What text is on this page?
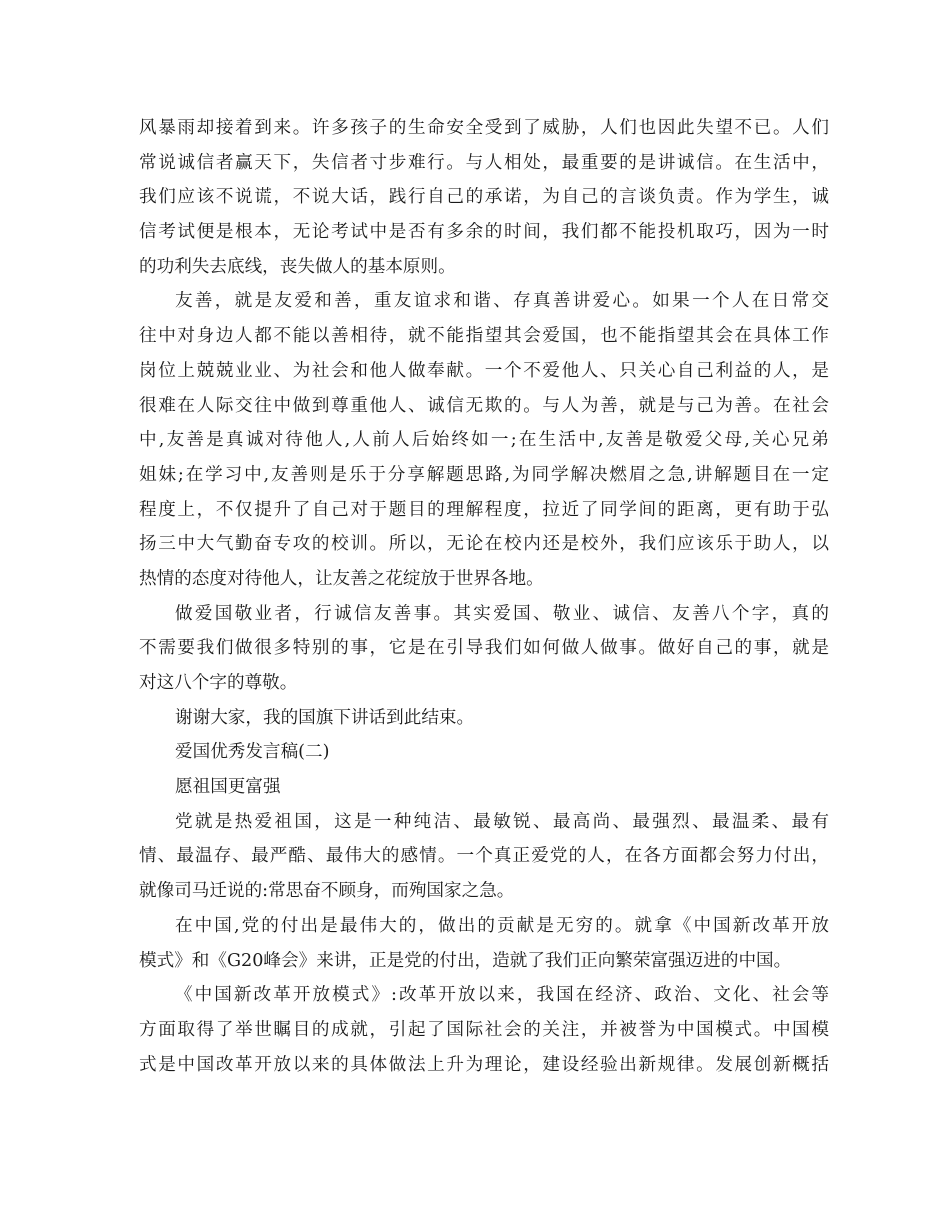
风暴雨却接着到来。许多孩子的生命安全受到了威胁，人们也因此失望不已。人们
常说诚信者赢天下，失信者寸步难行。与人相处，最重要的是讲诚信。在生活中，
我们应该不说谎，不说大话，践行自己的承诺，为自己的言谈负责。作为学生，诚
信考试便是根本，无论考试中是否有多余的时间，我们都不能投机取巧，因为一时
的功利失去底线，丧失做人的基本原则。
友善，就是友爱和善，重友谊求和谐、存真善讲爱心。如果一个人在日常交
往中对身边人都不能以善相待，就不能指望其会爱国，也不能指望其会在具体工作
岗位上兢兢业业、为社会和他人做奉献。一个不爱他人、只关心自己利益的人，是
很难在人际交往中做到尊重他人、诚信无欺的。与人为善，就是与己为善。在社会
中,友善是真诚对待他人,人前人后始终如一;在生活中,友善是敬爱父母,关心兄弟
姐妹;在学习中,友善则是乐于分享解题思路,为同学解决燃眉之急,讲解题目在一定
程度上，不仅提升了自己对于题目的理解程度，拉近了同学间的距离，更有助于弘
扬三中大气勤奋专攻的校训。所以，无论在校内还是校外，我们应该乐于助人，以
热情的态度对待他人，让友善之花绽放于世界各地。
做爱国敬业者，行诚信友善事。其实爱国、敬业、诚信、友善八个字，真的
不需要我们做很多特别的事，它是在引导我们如何做人做事。做好自己的事，就是
对这八个字的尊敬。
谢谢大家，我的国旗下讲话到此结束。
爱国优秀发言稿(二)
愿祖国更富强
党就是热爱祖国，这是一种纯洁、最敏锐、最高尚、最强烈、最温柔、最有
情、最温存、最严酷、最伟大的感情。一个真正爱党的人，在各方面都会努力付出，
就像司马迁说的:常思奋不顾身，而殉国家之急。
在中国,党的付出是最伟大的，做出的贡献是无穷的。就拿《中国新改革开放
模式》和《G20峰会》来讲，正是党的付出，造就了我们正向繁荣富强迈进的中国。
《中国新改革开放模式》:改革开放以来，我国在经济、政治、文化、社会等
方面取得了举世瞩目的成就，引起了国际社会的关注，并被誉为中国模式。中国模
式是中国改革开放以来的具体做法上升为理论，建设经验出新规律。发展创新概括
